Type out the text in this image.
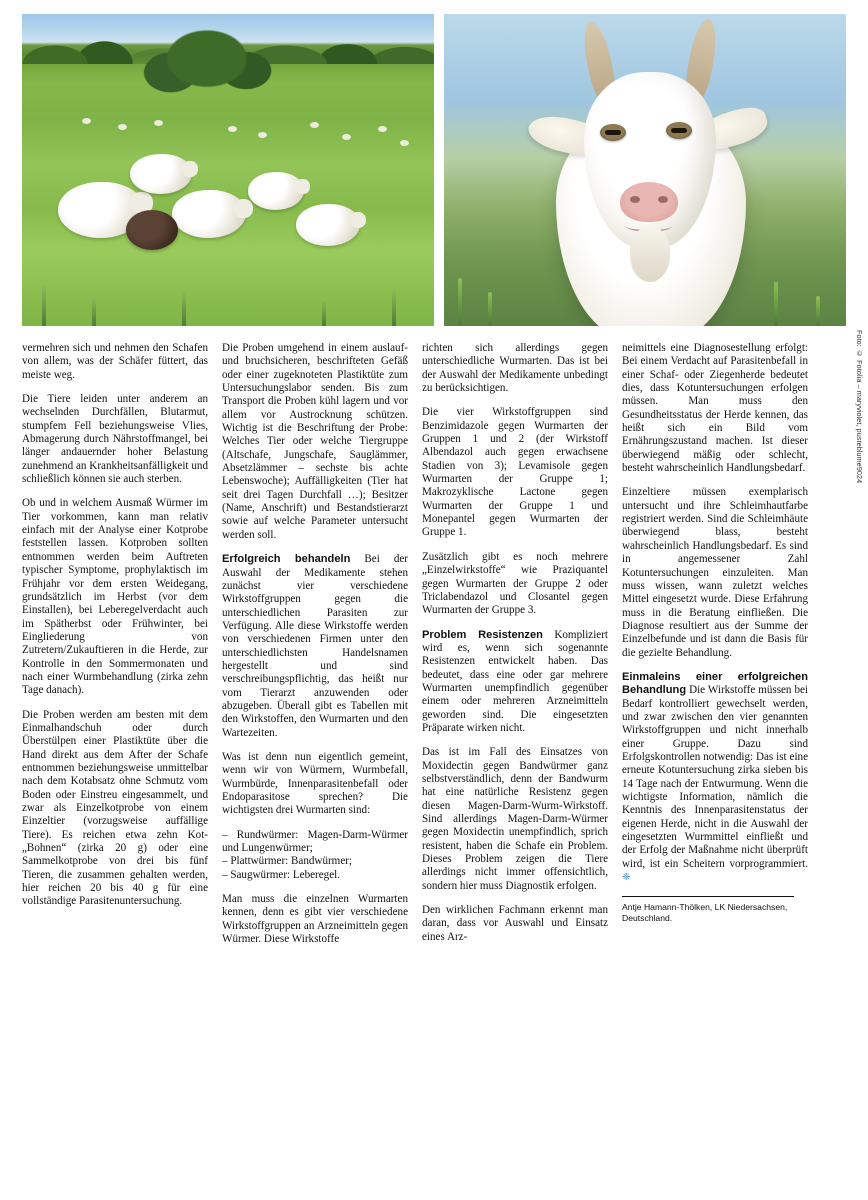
Foto: © Fotolia – maryviolet, pusteblume9024

vermehren sich und nehmen den Schafen von allem, was der Schäfer füttert, das meiste weg.

Die Tiere leiden unter anderem an wechselnden Durchfällen, Blutarmut, stumpfem Fell beziehungsweise Vlies, Abmagerung durch Nährstoffmangel, bei länger andauernder hoher Belastung zunehmend an Krankheitsanfälligkeit und schließlich können sie auch sterben.

Ob und in welchem Ausmaß Würmer im Tier vorkommen, kann man relativ einfach mit der Analyse einer Kotprobe feststellen lassen. Kotproben sollten entnommen werden beim Auftreten typischer Symptome, prophylaktisch im Frühjahr vor dem ersten Weidegang, grundsätzlich im Herbst (vor dem Einstallen), bei Leberegelverdacht auch im Spätherbst oder Frühwinter, bei Eingliederung von Zutretern/Zukauftieren in die Herde, zur Kontrolle in den Sommermonaten und nach einer Wurmbehandlung (zirka zehn Tage danach).

Die Proben werden am besten mit dem Einmalhandschuh oder durch Überstülpen einer Plastiktüte über die Hand direkt aus dem After der Schafe entnommen beziehungsweise unmittelbar nach dem Kotabsatz ohne Schmutz vom Boden oder Einstreu eingesammelt, und zwar als Einzelkotprobe von einem Einzeltier (vorzugsweise auffällige Tiere). Es reichen etwa zehn Kot-„Bohnen“ (zirka 20 g) oder eine Sammelkotprobe von drei bis fünf Tieren, die zusammen gehalten werden, hier reichen 20 bis 40 g für eine vollständige Parasitenuntersuchung.

Die Proben umgehend in einem auslauf- und bruchsicheren, beschrifteten Gefäß oder einer zugeknoteten Plastiktüte zum Untersuchungslabor senden. Bis zum Transport die Proben kühl lagern und vor allem vor Austrocknung schützen. Wichtig ist die Beschriftung der Probe: Welches Tier oder welche Tiergruppe (Altschafe, Jungschafe, Sauglämmer, Absetzlämmer – sechste bis achte Lebenswoche); Auffälligkeiten (Tier hat seit drei Tagen Durchfall …); Besitzer (Name, Anschrift) und Bestandstierarzt sowie auf welche Parameter untersucht werden soll.

Erfolgreich behandeln Bei der Auswahl der Medikamente stehen zunächst vier verschiedene Wirkstoffgruppen gegen die unterschiedlichen Parasiten zur Verfügung. Alle diese Wirkstoffe werden von verschiedenen Firmen unter den unterschiedlichsten Handelsnamen hergestellt und sind verschreibungspflichtig, das heißt nur vom Tierarzt anzuwenden oder abzugeben. Überall gibt es Tabellen mit den Wirkstoffen, den Wurmarten und den Wartezeiten.

Was ist denn nun eigentlich gemeint, wenn wir von Würmern, Wurmbefall, Wurmbürde, Innenparasitenbefall oder Endoparasitose sprechen? Die wichtigsten drei Wurmarten sind:

– Rundwürmer: Magen-Darm-Würmer und Lungenwürmer;
– Plattwürmer: Bandwürmer;
– Saugwürmer: Leberegel.

Man muss die einzelnen Wurmarten kennen, denn es gibt vier verschiedene Wirkstoffgruppen an Arzneimitteln gegen Würmer. Diese Wirkstoffe

richten sich allerdings gegen unterschiedliche Wurmarten. Das ist bei der Auswahl der Medikamente unbedingt zu berücksichtigen.

Die vier Wirkstoffgruppen sind Benzimidazole gegen Wurmarten der Gruppen 1 und 2 (der Wirkstoff Albendazol auch gegen erwachsene Stadien von 3); Levamisole gegen Wurmarten der Gruppe 1; Makrozyklische Lactone gegen Wurmarten der Gruppe 1 und Monepantel gegen Wurmarten der Gruppe 1.

Zusätzlich gibt es noch mehrere „Einzelwirkstoffe“ wie Praziquantel gegen Wurmarten der Gruppe 2 oder Triclabendazol und Closantel gegen Wurmarten der Gruppe 3.

Problem Resistenzen Kompliziert wird es, wenn sich sogenannte Resistenzen entwickelt haben. Das bedeutet, dass eine oder gar mehrere Wurmarten unempfindlich gegenüber einem oder mehreren Arzneimitteln geworden sind. Die eingesetzten Präparate wirken nicht.

Das ist im Fall des Einsatzes von Moxidectin gegen Bandwürmer ganz selbstverständlich, denn der Bandwurm hat eine natürliche Resistenz gegen diesen Magen-Darm-Wurm-Wirkstoff. Sind allerdings Magen-Darm-Würmer gegen Moxidectin unempfindlich, sprich resistent, haben die Schafe ein Problem. Dieses Problem zeigen die Tiere allerdings nicht immer offensichtlich, sondern hier muss Diagnostik erfolgen.

Den wirklichen Fachmann erkennt man daran, dass vor Auswahl und Einsatz eines Arz-

neimittels eine Diagnosestellung erfolgt: Bei einem Verdacht auf Parasitenbefall in einer Schaf- oder Ziegenherde bedeutet dies, dass Kotuntersuchungen erfolgen müssen. Man muss den Gesundheitsstatus der Herde kennen, das heißt sich ein Bild vom Ernährungszustand machen. Ist dieser überwiegend mäßig oder schlecht, besteht wahrscheinlich Handlungsbedarf.

Einzeltiere müssen exemplarisch untersucht und ihre Schleimhautfarbe registriert werden. Sind die Schleimhäute überwiegend blass, besteht wahrscheinlich Handlungsbedarf. Es sind in angemessener Zahl Kotuntersuchungen einzuleiten. Man muss wissen, wann zuletzt welches Mittel eingesetzt wurde. Diese Erfahrung muss in die Beratung einfließen. Die Diagnose resultiert aus der Summe der Einzelbefunde und ist dann die Basis für die gezielte Behandlung.

Einmaleins einer erfolgreichen Behandlung Die Wirkstoffe müssen bei Bedarf kontrolliert gewechselt werden, und zwar zwischen den vier genannten Wirkstoffgruppen und nicht innerhalb einer Gruppe. Dazu sind Erfolgskontrollen notwendig: Das ist eine erneute Kotuntersuchung zirka sieben bis 14 Tage nach der Entwurmung. Wenn die wichtigste Information, nämlich die Kenntnis des Innenparasitenstatus der eigenen Herde, nicht in die Auswahl der eingesetzten Wurmmittel einfließt und der Erfolg der Maßnahme nicht überprüft wird, ist ein Scheitern vorprogrammiert. ❈

Antje Hamann-Thölken, LK Niedersachsen, Deutschland.
